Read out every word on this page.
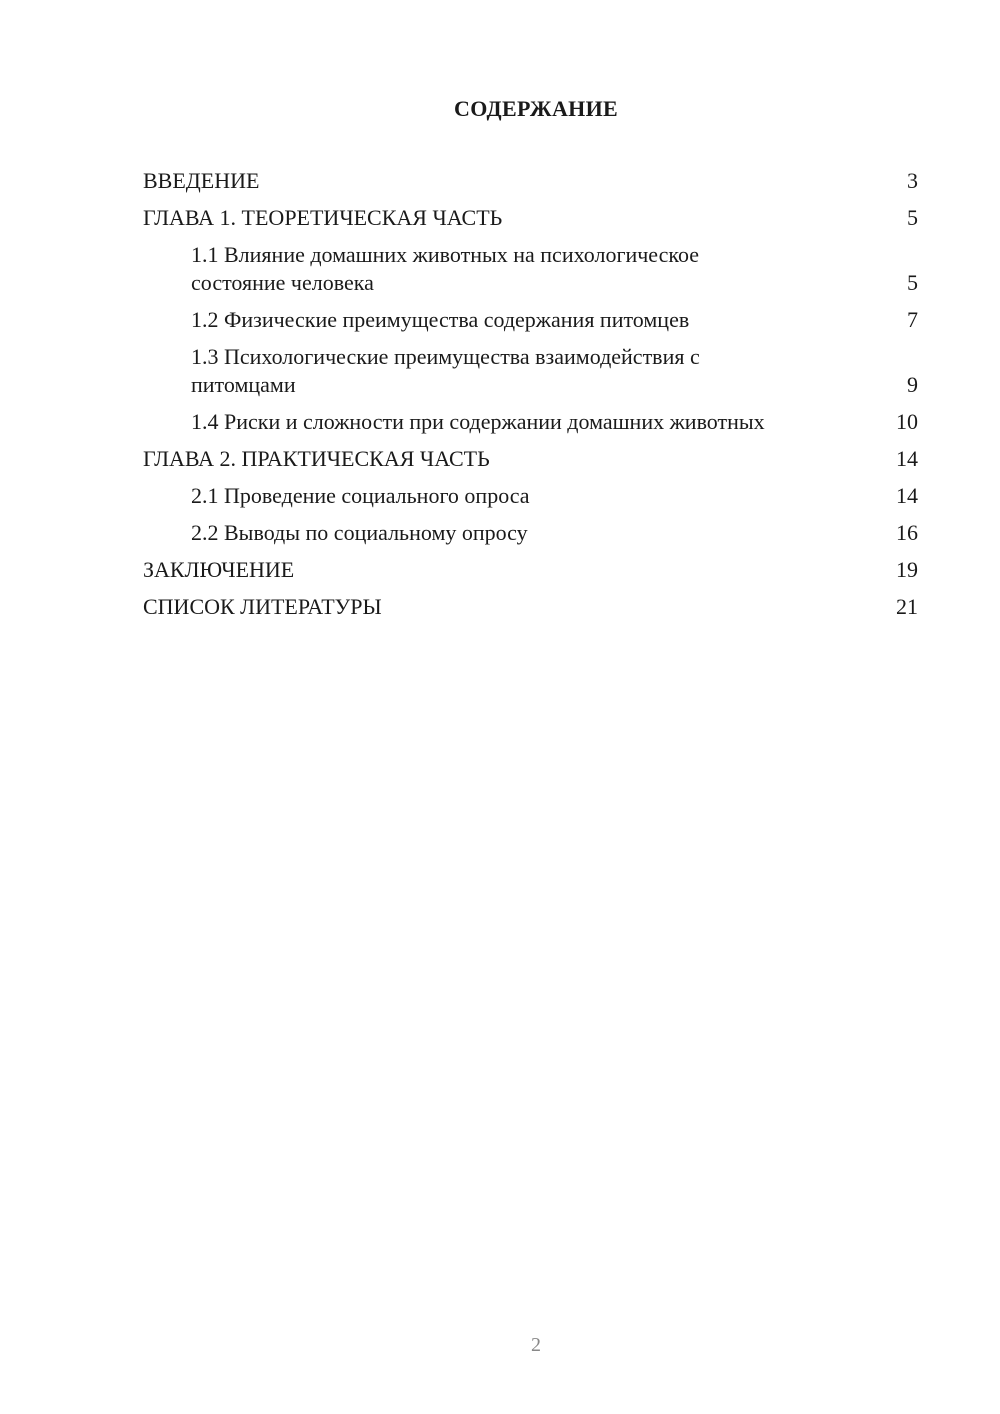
СОДЕРЖАНИЕ
ВВЕДЕНИЕ	3
ГЛАВА 1. ТЕОРЕТИЧЕСКАЯ ЧАСТЬ	5
1.1 Влияние домашних животных на психологическое состояние человека	5
1.2 Физические преимущества содержания питомцев	7
1.3 Психологические преимущества взаимодействия с питомцами	9
1.4 Риски и сложности при содержании домашних животных	10
ГЛАВА 2. ПРАКТИЧЕСКАЯ ЧАСТЬ	14
2.1 Проведение социального опроса	14
2.2 Выводы по социальному опросу	16
ЗАКЛЮЧЕНИЕ	19
СПИСОК ЛИТЕРАТУРЫ	21

2
